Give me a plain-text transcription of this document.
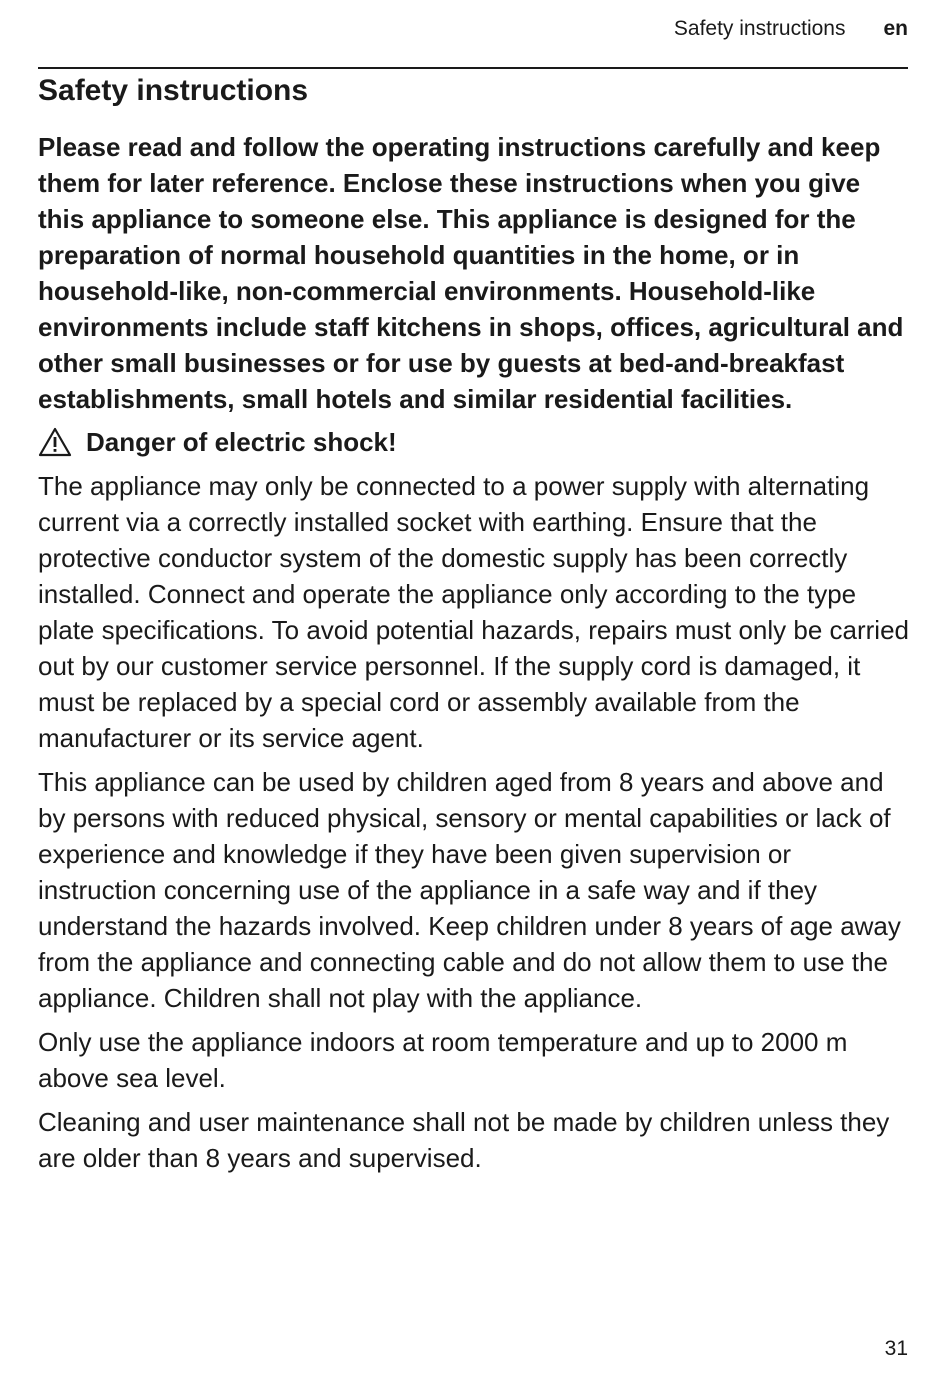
Safety instructions en
Safety instructions

Please read and follow the operating instructions carefully and keep them for later reference. Enclose these instructions when you give this appliance to someone else. This appliance is designed for the preparation of normal household quantities in the home, or in household-like, non-commercial environments. Household-like environments include staff kitchens in shops, offices, agricultural and other small businesses or for use by guests at bed-and-breakfast establishments, small hotels and similar residential facilities.

Danger of electric shock!

The appliance may only be connected to a power supply with alternating current via a correctly installed socket with earthing. Ensure that the protective conductor system of the domestic supply has been correctly installed. Connect and operate the appliance only according to the type plate specifications. To avoid potential hazards, repairs must only be carried out by our customer service personnel. If the supply cord is damaged, it must be replaced by a special cord or assembly available from the manufacturer or its service agent.

This appliance can be used by children aged from 8 years and above and by persons with reduced physical, sensory or mental capabilities or lack of experience and knowledge if they have been given supervision or instruction concerning use of the appliance in a safe way and if they understand the hazards involved. Keep children under 8 years of age away from the appliance and connecting cable and do not allow them to use the appliance. Children shall not play with the appliance.

Only use the appliance indoors at room temperature and up to 2000 m above sea level.

Cleaning and user maintenance shall not be made by children unless they are older than 8 years and supervised.

31
